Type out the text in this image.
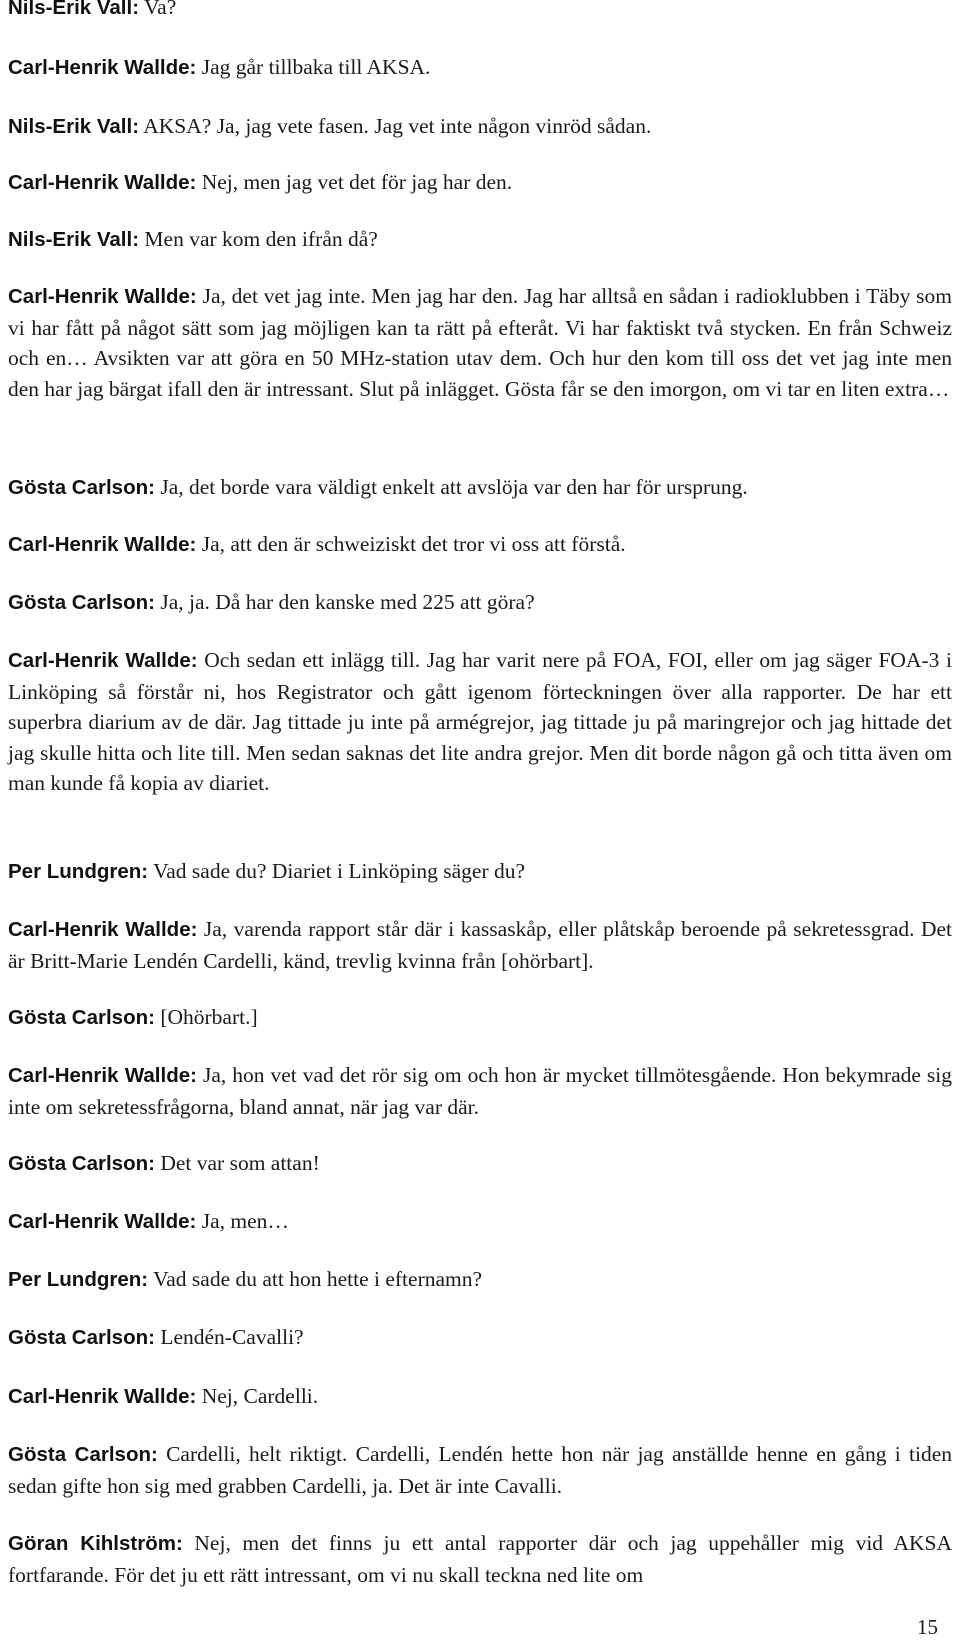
Nils-Erik Vall: Va?

Carl-Henrik Wallde: Jag går tillbaka till AKSA.

Nils-Erik Vall: AKSA? Ja, jag vete fasen. Jag vet inte någon vinröd sådan.

Carl-Henrik Wallde: Nej, men jag vet det för jag har den.

Nils-Erik Vall: Men var kom den ifrån då?

Carl-Henrik Wallde: Ja, det vet jag inte. Men jag har den. Jag har alltså en sådan i radioklubben i Täby som vi har fått på något sätt som jag möjligen kan ta rätt på efteråt. Vi har faktiskt två stycken. En från Schweiz och en… Avsikten var att göra en 50 MHz-station utav dem. Och hur den kom till oss det vet jag inte men den har jag bärgat ifall den är intressant. Slut på inlägget. Gösta får se den imorgon, om vi tar en liten extra…

Gösta Carlson: Ja, det borde vara väldigt enkelt att avslöja var den har för ursprung.

Carl-Henrik Wallde: Ja, att den är schweiziskt det tror vi oss att förstå.

Gösta Carlson: Ja, ja. Då har den kanske med 225 att göra?

Carl-Henrik Wallde: Och sedan ett inlägg till. Jag har varit nere på FOA, FOI, eller om jag säger FOA-3 i Linköping så förstår ni, hos Registrator och gått igenom förteckningen över alla rapporter. De har ett superbra diarium av de där. Jag tittade ju inte på armégrejor, jag tittade ju på maringrejor och jag hittade det jag skulle hitta och lite till. Men sedan saknas det lite andra grejor. Men dit borde någon gå och titta även om man kunde få kopia av diariet.

Per Lundgren: Vad sade du? Diariet i Linköping säger du?

Carl-Henrik Wallde: Ja, varenda rapport står där i kassaskåp, eller plåtskåp beroende på sekretessgrad. Det är Britt-Marie Lendén Cardelli, känd, trevlig kvinna från [ohörbart].

Gösta Carlson: [Ohörbart.]

Carl-Henrik Wallde: Ja, hon vet vad det rör sig om och hon är mycket tillmötesgående. Hon bekymrade sig inte om sekretessfrågorna, bland annat, när jag var där.

Gösta Carlson: Det var som attan!

Carl-Henrik Wallde: Ja, men…

Per Lundgren: Vad sade du att hon hette i efternamn?

Gösta Carlson: Lendén-Cavalli?

Carl-Henrik Wallde: Nej, Cardelli.

Gösta Carlson: Cardelli, helt riktigt. Cardelli, Lendén hette hon när jag anställde henne en gång i tiden sedan gifte hon sig med grabben Cardelli, ja. Det är inte Cavalli.

Göran Kihlström: Nej, men det finns ju ett antal rapporter där och jag uppehåller mig vid AKSA fortfarande. För det ju ett rätt intressant, om vi nu skall teckna ned lite om

15
